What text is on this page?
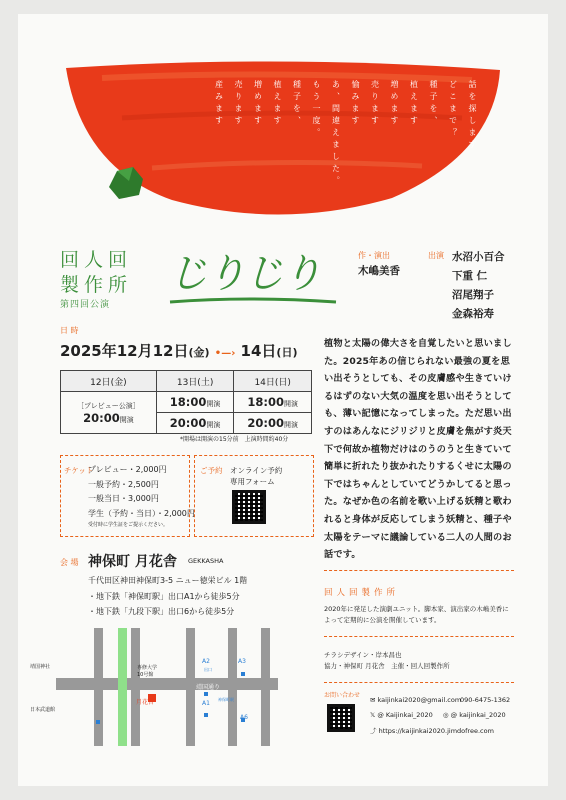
話を探します
どこまで？
種子を、
植えます
増めます
売ります
愉みます
あ、間違えました。
もう一度。
種子を、
植えます
増めます
売ります
産みます
回人回
製作所
第四回公演
じりじり	作・演出
木嶋美香
出演 水沼小百合
下重 仁
沼尾翔子
金森裕寿
日 時
2025年12月12日(金) •—› 14日(日)
12日(金)	13日(土)	14日(日)

［プレビュー公演］
20:00開演	18:00開演	18:00開演
	20:00開演	20:00開演
*開場は開演の15分前　上演時間約40分
チケット
プレビュー・2,000円
一般予約・2,500円
一般当日・3,000円
学生（予約・当日）・2,000円
受付時に学生証をご提示ください。
ご予約 オンライン予約
専用フォーム
会 場 神保町 月花舎 GEKKASHA
千代田区神田神保町3-5 ニュー徳栄ビル 1階
・地下鉄「神保町駅」出口A1から徒歩5分
・地下鉄「九段下駅」出口6から徒歩5分
靖国神社
日本武道館
靖国通り
月花舎
専修大学
10号館
A2	A3
A1
A6
出口
神保町駅
植物と太陽の偉大さを自覚したいと思いました。2025年あの信じられない最強の夏を思い出そうとしても、その皮膚感や生きていけるはずのない大気の温度を思い出そうとしても、薄い記憶になってしまった。ただ思い出すのはあんなにジリジリと皮膚を焦がす炎天下で何故か植物だけはのうのうと生きていて簡単に折れたり抜かれたりするくせに太陽の下ではちゃんとしていてどうかしてると思った。なぜか色の名前を歌い上げる妖精と歌われると身体が反応してしまう妖精と、種子や太陽をテーマに議論している二人の人間のお話です。
回人回製作所
2020年に発足した演劇ユニット。脚本家、演出家の木嶋美香によって定期的に公演を開催しています。
チラシデザイン・岸本昌也
協力・神保町 月花舎　主催・回人回製作所
お問い合わせ
✉ kaijinkai2020@gmail.com
090-6475-1362
𝕏 @ Kaijinkai_2020 ◎ @ kaijinkai_2020
⤴ https://kaijinkai2020.jimdofree.com
